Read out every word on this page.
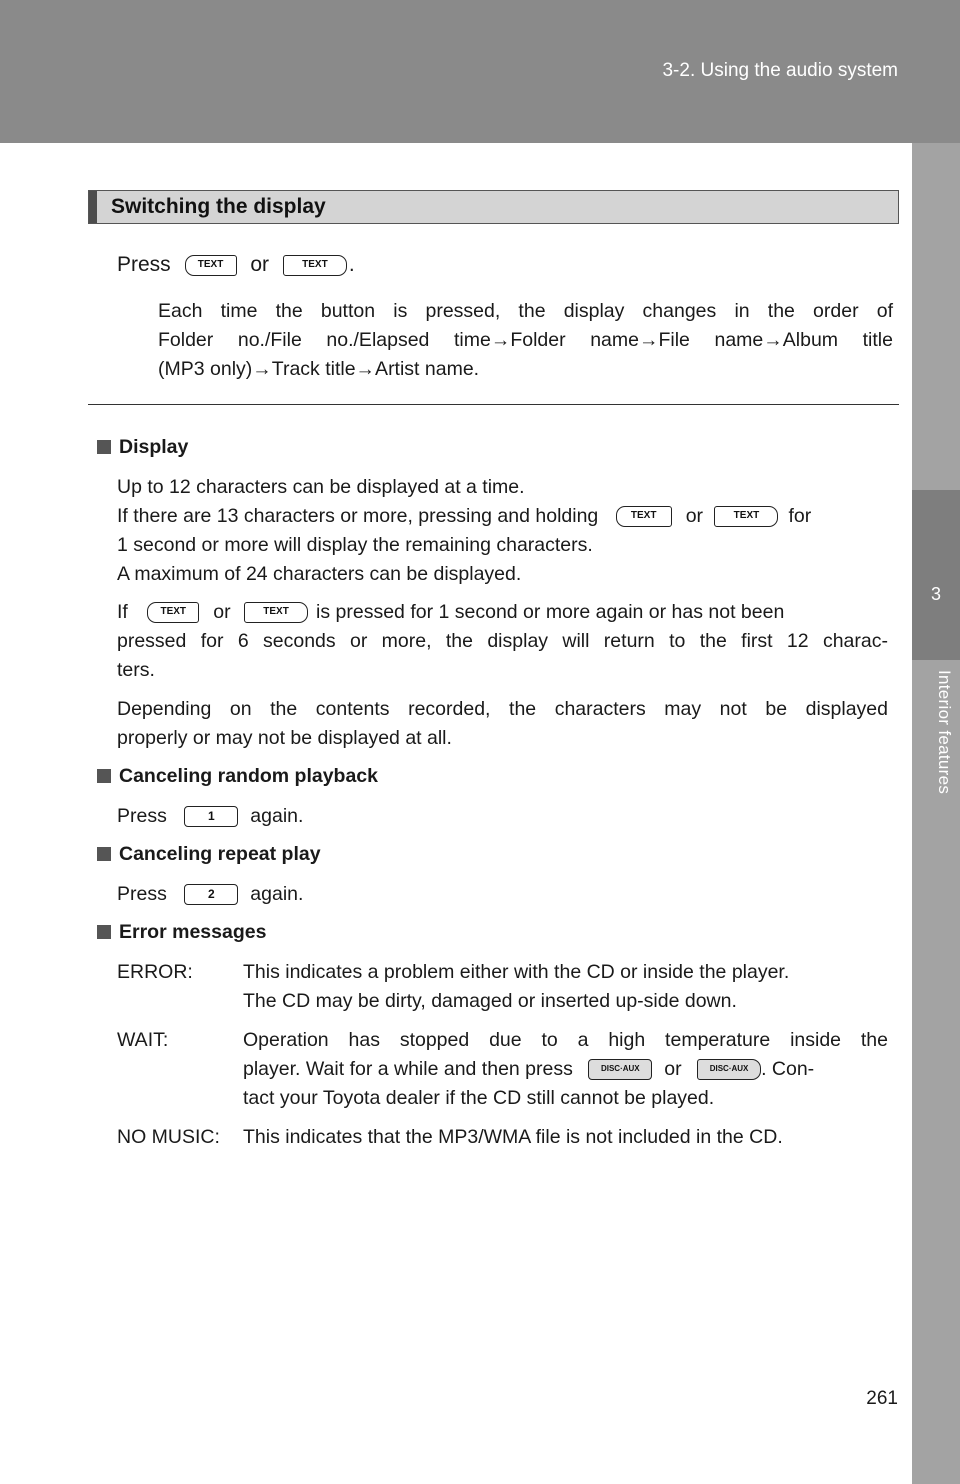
3-2. Using the audio system
3
Interior features
Switching the display
Press	TEXT or	TEXT .
Each time the button is pressed, the display changes in the order of
Folder no./File no./Elapsed time→Folder name→File name→Album title
(MP3 only)→Track title→Artist name.
Display
Up to 12 characters can be displayed at a time.
If there are 13 characters or more, pressing and holding	TEXT or	TEXT for
1 second or more will display the remaining characters.
A maximum of 24 characters can be displayed.
If	TEXT or	TEXT is pressed for 1 second or more again or has not been
pressed for 6 seconds or more, the display will return to the first 12 charac-
ters.
Depending on the contents recorded, the characters may not be displayed
properly or may not be displayed at all.
Canceling random playback
Press	1 again.
Canceling repeat play
Press	2 again.
Error messages
ERROR:	This indicates a problem either with the CD or inside the player.
The CD may be dirty, damaged or inserted up-side down.
WAIT:	Operation has stopped due to a high temperature inside the
player. Wait for a while and then press	DISC·AUX or	DISC·AUX . Con-
tact your Toyota dealer if the CD still cannot be played.
NO MUSIC: This indicates that the MP3/WMA file is not included in the CD.
261
